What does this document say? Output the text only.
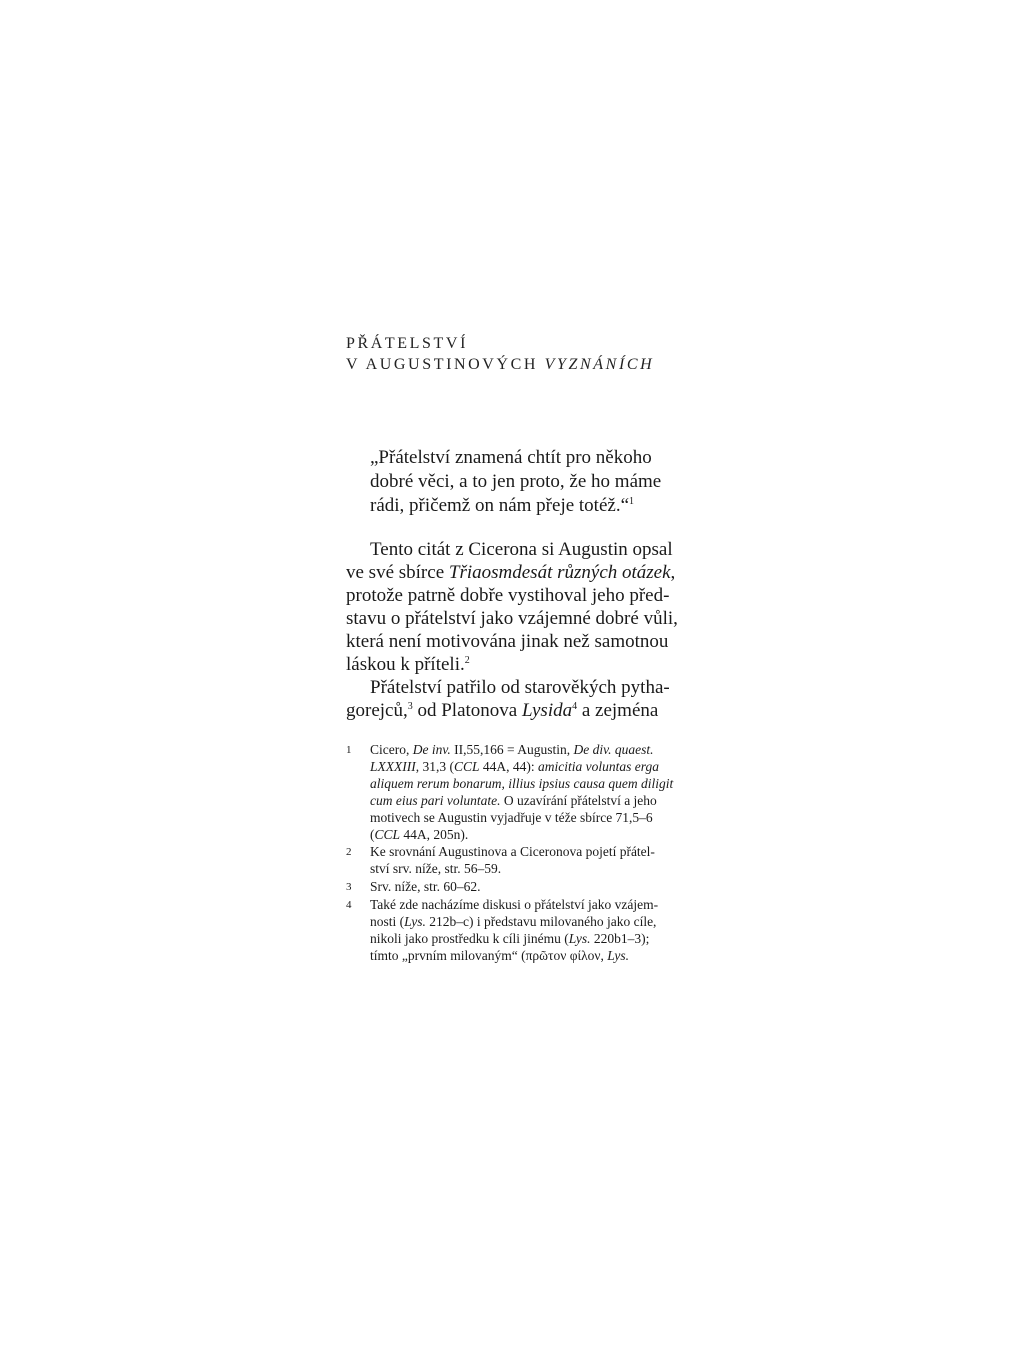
PŘÁTELSTVÍ
V AUGUSTINOVÝCH VYZNÁNÍCH
„Přátelství znamená chtít pro někoho
dobré věci, a to jen proto, že ho máme
rádi, přičemž on nám přeje totéž.“$^1$
Tento citát z Cicerona si Augustin opsal
ve své sbírce Třiaosmdesát různých otázek,
protože patrně dobře vystihoval jeho před-
stavu o přátelství jako vzájemné dobré vůli,
která není motivována jinak než samotnou
láskou k příteli.$^2$
Přátelství patřilo od starověkých pytha-
gorejců,$^3$ od Platonova Lysida$^4$ a zejména
1	Cicero, De inv. II,55,166 = Augustin, De div. quaest.
LXXXIII, 31,3 (CCL 44A, 44): amicitia voluntas erga
aliquem rerum bonarum, illius ipsius causa quem diligit
cum eius pari voluntate. O uzavírání přátelství a jeho
motivech se Augustin vyjadřuje v téže sbírce 71,5–6
(CCL 44A, 205n).
2	Ke srovnání Augustinova a Ciceronova pojetí přátel-
ství srv. níže, str. 56–59.
3	Srv. níže, str. 60–62.
4	Také zde nacházíme diskusi o přátelství jako vzájem-
nosti (Lys. 212b–c) i představu milovaného jako cíle,
nikoli jako prostředku k cíli jinému (Lys. 220b1–3);
tímto „prvním milovaným“ (πρῶτον φίλον, Lys.
